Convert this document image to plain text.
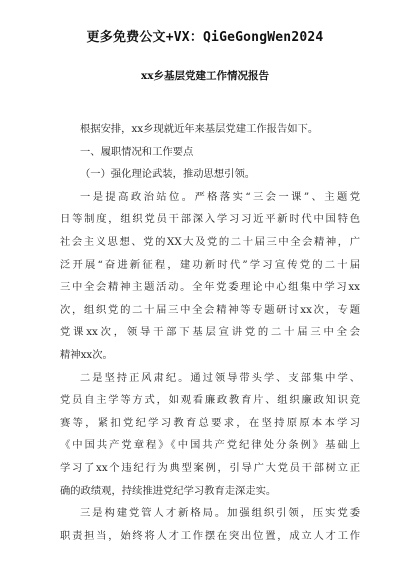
更多免费公文+VX：QiGeGongWen2024
xx乡基层党建工作情况报告
根据安排，xx乡现就近年来基层党建工作报告如下。
一、履职情况和工作要点
（一）强化理论武装，推动思想引领。
一是提高政治站位。严格落实“三会一课”、主题党
日等制度，组织党员干部深入学习习近平新时代中国特色
社会主义思想、党的XX大及党的二十届三中全会精神，广
泛开展“奋进新征程，建功新时代”学习宣传党的二十届
三中全会精神主题活动。全年党委理论中心组集中学习xx
次，组织党的二十届三中全会精神等专题研讨xx次，专题
党课xx次，领导干部下基层宣讲党的二十届三中全会
精神xx次。
二是坚持正风肃纪。通过领导带头学、支部集中学、
党员自主学等方式，如观看廉政教育片、组织廉政知识竞
赛等，紧扣党纪学习教育总要求，在坚持原原本本学习
《中国共产党章程》《中国共产党纪律处分条例》基础上
学习了xx个违纪行为典型案例，引导广大党员干部树立正
确的政绩观，持续推进党纪学习教育走深走实。
三是构建党管人才新格局。加强组织引领，压实党委
职责担当，始终将人才工作摆在突出位置，成立人才工作
